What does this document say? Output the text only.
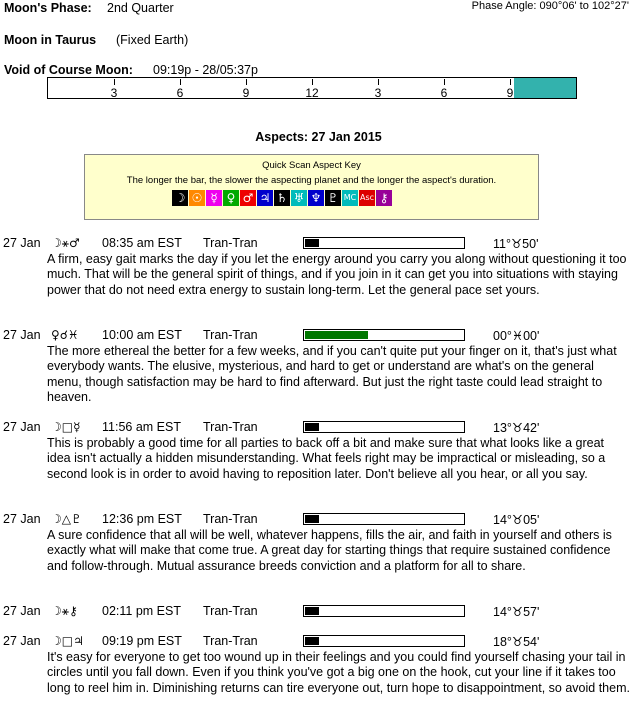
Moon's Phase: 2nd Quarter	Phase Angle: 090°06' to 102°27'
Moon in Taurus (Fixed Earth)
Void of Course Moon: 09:19p - 28/05:37p
3	6	9	12	3	6	9
Aspects: 27 Jan 2015
Quick Scan Aspect Key
The longer the bar, the slower the aspecting planet and the longer the aspect's duration.
☽ ☉ ☿ ♀ ♂ ♃ ♄ ♅ ♆ ♇ MC Asc ⚷
27 Jan ☽⚹♂ 08:35 am EST Tran-Tran	11°♉50'

A firm, easy gait marks the day if you let the energy around you carry you along without questioning it too much. That will be the general spirit of things, and if you join in it can get you into situations with staying power that do not need extra energy to sustain long-term. Let the general pace set yours.

27 Jan ♀☌♓ 10:00 am EST Tran-Tran	00°♓00'

The more ethereal the better for a few weeks, and if you can't quite put your finger on it, that's just what everybody wants. The elusive, mysterious, and hard to get or understand are what's on the general menu, though satisfaction may be hard to find afterward. But just the right taste could lead straight to heaven.

27 Jan ☽□☿ 11:56 am EST Tran-Tran	13°♉42'

This is probably a good time for all parties to back off a bit and make sure that what looks like a great idea isn't actually a hidden misunderstanding. What feels right may be impractical or misleading, so a second look is in order to avoid having to reposition later. Don't believe all you hear, or all you say.

27 Jan ☽△♇ 12:36 pm EST Tran-Tran	14°♉05'

A sure confidence that all will be well, whatever happens, fills the air, and faith in yourself and others is exactly what will make that come true. A great day for starting things that require sustained confidence and follow-through. Mutual assurance breeds conviction and a platform for all to share.

27 Jan ☽⚹⚷ 02:11 pm EST Tran-Tran	14°♉57'
27 Jan ☽□♃ 09:19 pm EST Tran-Tran	18°♉54'

It's easy for everyone to get too wound up in their feelings and you could find yourself chasing your tail in circles until you fall down. Even if you think you've got a big one on the hook, cut your line if it takes too long to reel him in. Diminishing returns can tire everyone out, turn hope to disappointment, so avoid them.
